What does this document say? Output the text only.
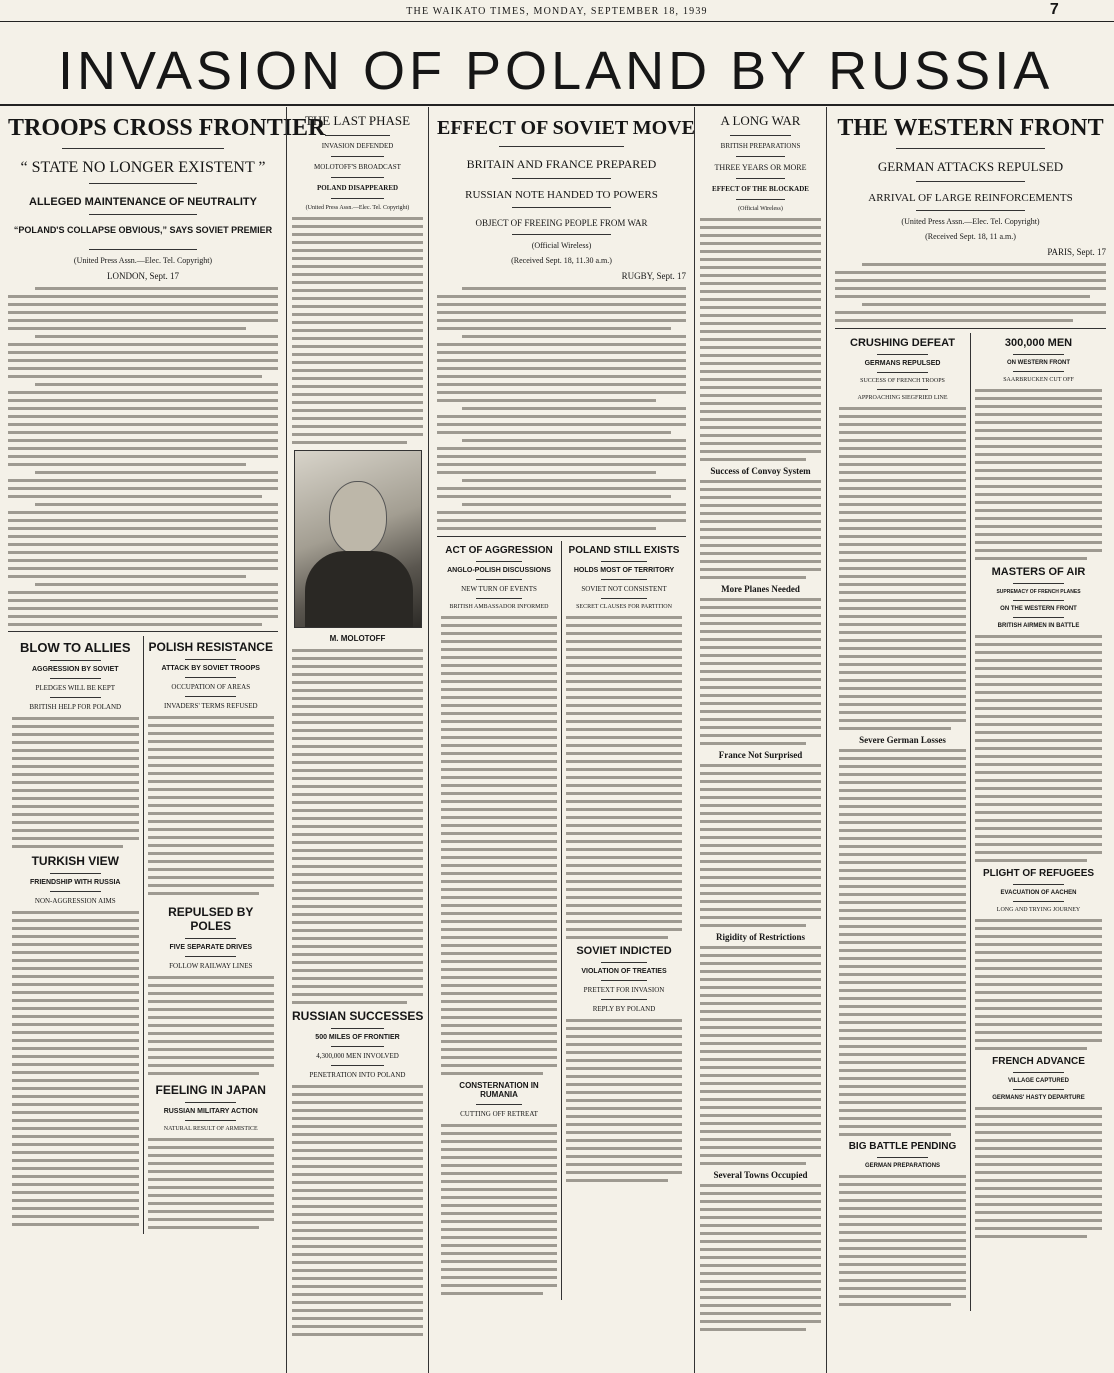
THE WAIKATO TIMES, MONDAY, SEPTEMBER 18, 1939	7
INVASION OF POLAND BY RUSSIA
TROOPS CROSS FRONTIER
“ STATE NO LONGER EXISTENT ”
ALLEGED MAINTENANCE OF NEUTRALITY
“POLAND'S COLLAPSE OBVIOUS,” SAYS SOVIET PREMIER
(United Press Assn.—Elec. Tel. Copyright)
LONDON, Sept. 17
BLOW TO ALLIES
AGGRESSION BY SOVIET
PLEDGES WILL BE KEPT
BRITISH HELP FOR POLAND
TURKISH VIEW
FRIENDSHIP WITH RUSSIA
NON-AGGRESSION AIMS
POLISH RESISTANCE
ATTACK BY SOVIET TROOPS
OCCUPATION OF AREAS
INVADERS' TERMS REFUSED
REPULSED BY POLES
FIVE SEPARATE DRIVES
FOLLOW RAILWAY LINES
FEELING IN JAPAN
RUSSIAN MILITARY ACTION
NATURAL RESULT OF ARMISTICE
THE LAST PHASE
INVASION DEFENDED
MOLOTOFF'S BROADCAST
POLAND DISAPPEARED
(United Press Assn.—Elec. Tel. Copyright)
M. MOLOTOFF
RUSSIAN SUCCESSES
500 MILES OF FRONTIER
4,300,000 MEN INVOLVED
PENETRATION INTO POLAND
EFFECT OF SOVIET MOVE
BRITAIN AND FRANCE PREPARED
RUSSIAN NOTE HANDED TO POWERS
OBJECT OF FREEING PEOPLE FROM WAR
(Official Wireless)
(Received Sept. 18, 11.30 a.m.)
RUGBY, Sept. 17
ACT OF AGGRESSION
ANGLO-POLISH DISCUSSIONS
NEW TURN OF EVENTS
BRITISH AMBASSADOR INFORMED
CONSTERNATION IN RUMANIA
CUTTING OFF RETREAT
POLAND STILL EXISTS
HOLDS MOST OF TERRITORY
SOVIET NOT CONSISTENT
SECRET CLAUSES FOR PARTITION
SOVIET INDICTED
VIOLATION OF TREATIES
PRETEXT FOR INVASION
REPLY BY POLAND
A LONG WAR
BRITISH PREPARATIONS
THREE YEARS OR MORE
EFFECT OF THE BLOCKADE
(Official Wireless)
Success of Convoy System
More Planes Needed
France Not Surprised
Rigidity of Restrictions
Several Towns Occupied
THE WESTERN FRONT
GERMAN ATTACKS REPULSED
ARRIVAL OF LARGE REINFORCEMENTS
(United Press Assn.—Elec. Tel. Copyright)
(Received Sept. 18, 11 a.m.)
PARIS, Sept. 17
CRUSHING DEFEAT
GERMANS REPULSED
SUCCESS OF FRENCH TROOPS
APPROACHING SIEGFRIED LINE
Severe German Losses
BIG BATTLE PENDING
GERMAN PREPARATIONS
300,000 MEN
ON WESTERN FRONT
SAARBRUCKEN CUT OFF
MASTERS OF AIR
SUPREMACY OF FRENCH PLANES
ON THE WESTERN FRONT
BRITISH AIRMEN IN BATTLE
PLIGHT OF REFUGEES
EVACUATION OF AACHEN
LONG AND TRYING JOURNEY
FRENCH ADVANCE
VILLAGE CAPTURED
GERMANS' HASTY DEPARTURE
